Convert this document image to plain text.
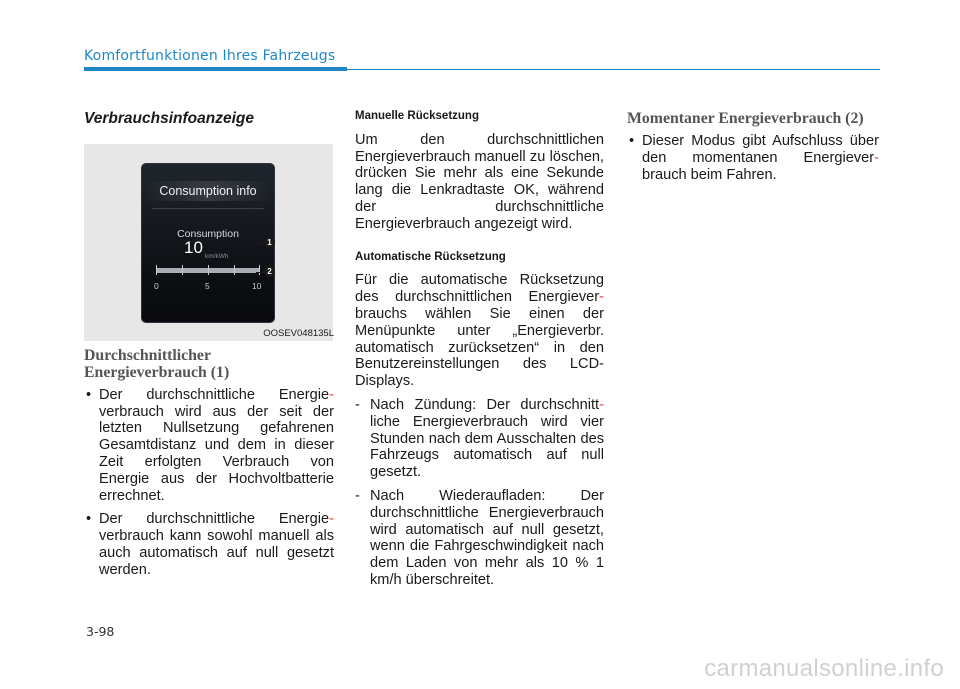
Komfortfunktionen Ihres Fahrzeugs
Verbrauchsinfoanzeige
Consumption info
Consumption
10 km/kWh
0	5	10
1
2
OOSEV048135L
Durchschnittlicher Energieverbrauch (1)
• Der durchschnittliche Energie- verbrauch wird aus der seit der letzten Nullsetzung gefahrenen Gesamtdistanz und dem in dieser Zeit erfolgten Verbrauch von Energie aus der Hochvoltbatterie errechnet.
• Der durchschnittliche Energie- verbrauch kann sowohl manuell als auch automatisch auf null gesetzt werden.
Manuelle Rücksetzung

Um den durchschnittlichen Energieverbrauch manuell zu löschen, drücken Sie mehr als eine Sekunde lang die Lenkradtaste OK, während der durchschnittliche Energieverbrauch angezeigt wird.

Automatische Rücksetzung

Für die automatische Rücksetzung des durchschnittlichen Energiever- brauchs wählen Sie einen der Menüpunkte unter „Energieverbr. automatisch zurücksetzen“ in den Benutzereinstellungen des LCD-Displays.

- Nach Zündung: Der durchschnitt- liche Energieverbrauch wird vier Stunden nach dem Ausschalten des Fahrzeugs automatisch auf null gesetzt.
- Nach Wiederaufladen: Der durchschnittliche Energieverbrauch wird automatisch auf null gesetzt, wenn die Fahrgeschwindigkeit nach dem Laden von mehr als 10 % 1 km/h überschreitet.
Momentaner Energieverbrauch (2)
• Dieser Modus gibt Aufschluss über den momentanen Energiever- brauch beim Fahren.
3-98
carmanualsonline.info
